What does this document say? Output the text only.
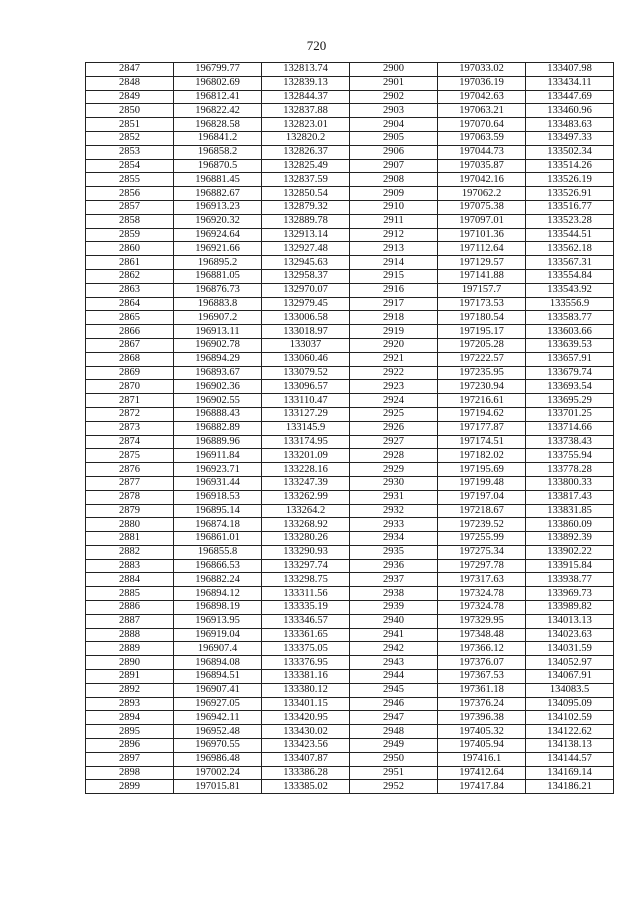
720
2847	196799.77	132813.74	2900	197033.02	133407.98
2848	196802.69	132839.13	2901	197036.19	133434.11
2849	196812.41	132844.37	2902	197042.63	133447.69
2850	196822.42	132837.88	2903	197063.21	133460.96
2851	196828.58	132823.01	2904	197070.64	133483.63
2852	196841.2	132820.2	2905	197063.59	133497.33
2853	196858.2	132826.37	2906	197044.73	133502.34
2854	196870.5	132825.49	2907	197035.87	133514.26
2855	196881.45	132837.59	2908	197042.16	133526.19
2856	196882.67	132850.54	2909	197062.2	133526.91
2857	196913.23	132879.32	2910	197075.38	133516.77
2858	196920.32	132889.78	2911	197097.01	133523.28
2859	196924.64	132913.14	2912	197101.36	133544.51
2860	196921.66	132927.48	2913	197112.64	133562.18
2861	196895.2	132945.63	2914	197129.57	133567.31
2862	196881.05	132958.37	2915	197141.88	133554.84
2863	196876.73	132970.07	2916	197157.7	133543.92
2864	196883.8	132979.45	2917	197173.53	133556.9
2865	196907.2	133006.58	2918	197180.54	133583.77
2866	196913.11	133018.97	2919	197195.17	133603.66
2867	196902.78	133037	2920	197205.28	133639.53
2868	196894.29	133060.46	2921	197222.57	133657.91
2869	196893.67	133079.52	2922	197235.95	133679.74
2870	196902.36	133096.57	2923	197230.94	133693.54
2871	196902.55	133110.47	2924	197216.61	133695.29
2872	196888.43	133127.29	2925	197194.62	133701.25
2873	196882.89	133145.9	2926	197177.87	133714.66
2874	196889.96	133174.95	2927	197174.51	133738.43
2875	196911.84	133201.09	2928	197182.02	133755.94
2876	196923.71	133228.16	2929	197195.69	133778.28
2877	196931.44	133247.39	2930	197199.48	133800.33
2878	196918.53	133262.99	2931	197197.04	133817.43
2879	196895.14	133264.2	2932	197218.67	133831.85
2880	196874.18	133268.92	2933	197239.52	133860.09
2881	196861.01	133280.26	2934	197255.99	133892.39
2882	196855.8	133290.93	2935	197275.34	133902.22
2883	196866.53	133297.74	2936	197297.78	133915.84
2884	196882.24	133298.75	2937	197317.63	133938.77
2885	196894.12	133311.56	2938	197324.78	133969.73
2886	196898.19	133335.19	2939	197324.78	133989.82
2887	196913.95	133346.57	2940	197329.95	134013.13
2888	196919.04	133361.65	2941	197348.48	134023.63
2889	196907.4	133375.05	2942	197366.12	134031.59
2890	196894.08	133376.95	2943	197376.07	134052.97
2891	196894.51	133381.16	2944	197367.53	134067.91
2892	196907.41	133380.12	2945	197361.18	134083.5
2893	196927.05	133401.15	2946	197376.24	134095.09
2894	196942.11	133420.95	2947	197396.38	134102.59
2895	196952.48	133430.02	2948	197405.32	134122.62
2896	196970.55	133423.56	2949	197405.94	134138.13
2897	196986.48	133407.87	2950	197416.1	134144.57
2898	197002.24	133386.28	2951	197412.64	134169.14
2899	197015.81	133385.02	2952	197417.84	134186.21
